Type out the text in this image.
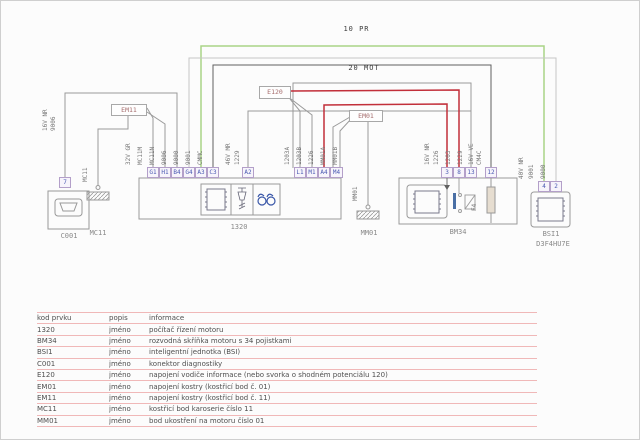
10 PR
20 MOT
E120
EM01
EM11
16V NR 9006
7
C001
MC11
MC11
32V GR MC11M MC11N 9006 9000 9001 CMMC
G1 H1 B4 G4 A3 C3
46V MR 1229
A2
1203A 1203B 1226 MM01A MM01B
L1 M1 A4 M4
1320
MM01
MM01
16V NR 1226 1203 1229
3	8	13
16V VE CM4C
12
F4
BM34
40V NR 9001 9000
4	2
BSI1
D3F4HU7E
kod prvku	popis	informace
1320	jméno	počítač řízení motoru
BM34	jméno	rozvodná skříňka motoru s 34 pojistkami
BSI1	jméno	inteligentní jednotka (BSI)
C001	jméno	konektor diagnostiky
E120	jméno	napojení vodiče informace (nebo svorka o shodném potenciálu 120)
EM01	jméno	napojení kostry (kostřicí bod č. 01)
EM11	jméno	napojení kostry (kostřicí bod č. 11)
MC11	jméno	kostřicí bod karoserie číslo 11
MM01	jméno	bod ukostření na motoru číslo 01
